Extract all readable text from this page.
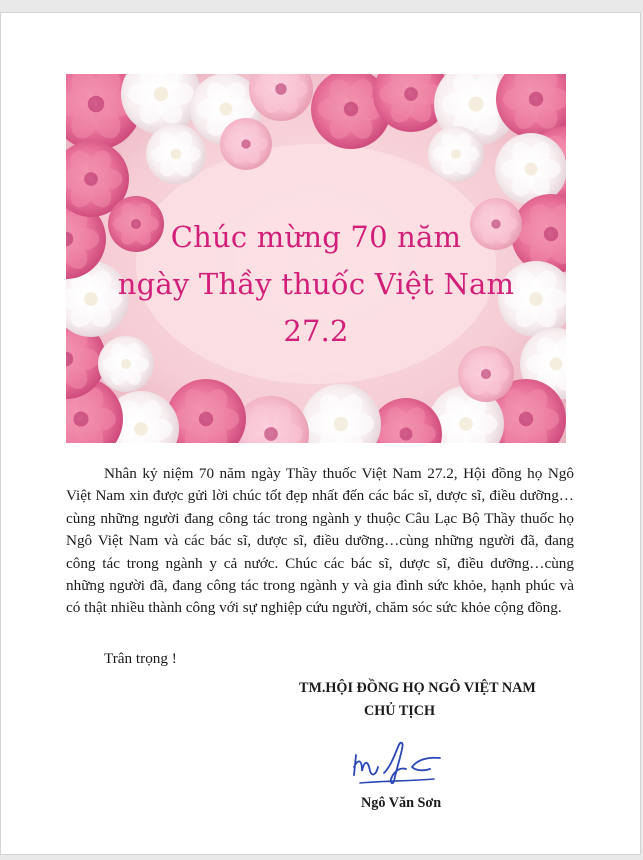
Chúc mừng 70 năm
ngày Thầy thuốc Việt Nam
27.2

Nhân kỷ niệm 70 năm ngày Thầy thuốc Việt Nam 27.2, Hội đồng họ Ngô Việt Nam xin được gửi lời chúc tốt đẹp nhất đến các bác sĩ, dược sĩ, điều dưỡng…cùng những người đang công tác trong ngành y thuộc Câu Lạc Bộ Thầy thuốc họ Ngô Việt Nam và các bác sĩ, dược sĩ, điều dưỡng…cùng những người đã, đang công tác trong ngành y cả nước. Chúc các bác sĩ, dược sĩ, điều dưỡng…cùng những người đã, đang công tác trong ngành y và gia đình sức khỏe, hạnh phúc và có thật nhiều thành công với sự nghiệp cứu người, chăm sóc sức khỏe cộng đồng.

Trân trọng !
TM.HỘI ĐỒNG HỌ NGÔ VIỆT NAM
CHỦ TỊCH
Ngô Văn Sơn
